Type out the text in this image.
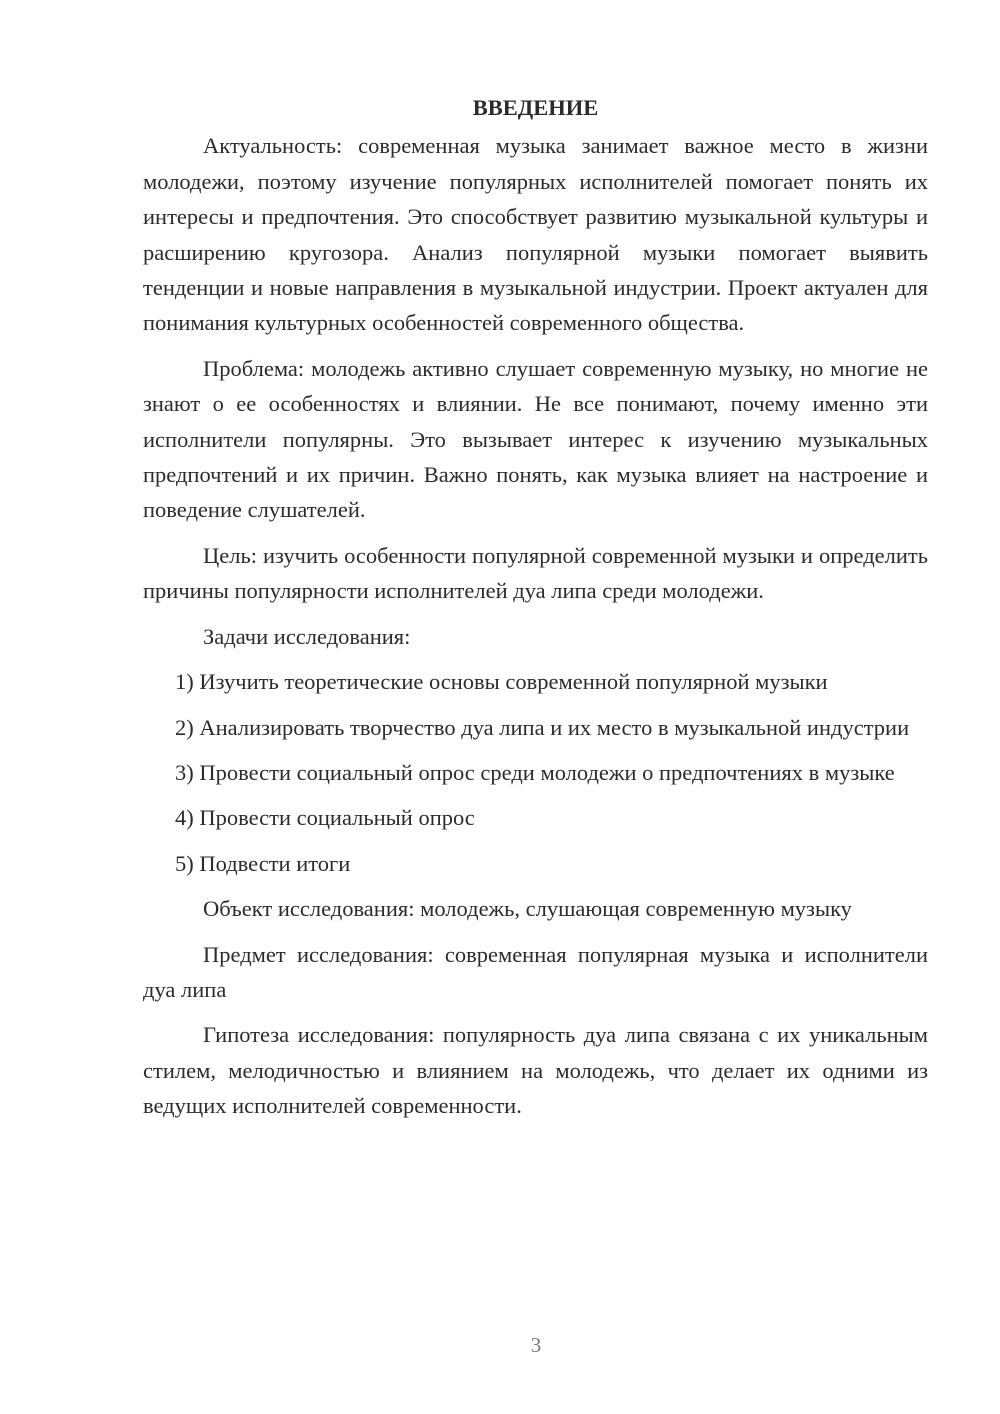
ВВЕДЕНИЕ

Актуальность: современная музыка занимает важное место в жизни молодежи, поэтому изучение популярных исполнителей помогает понять их интересы и предпочтения. Это способствует развитию музыкальной культуры и расширению кругозора. Анализ популярной музыки помогает выявить тенденции и новые направления в музыкальной индустрии. Проект актуален для понимания культурных особенностей современного общества.

Проблема: молодежь активно слушает современную музыку, но многие не знают о ее особенностях и влиянии. Не все понимают, почему именно эти исполнители популярны. Это вызывает интерес к изучению музыкальных предпочтений и их причин. Важно понять, как музыка влияет на настроение и поведение слушателей.

Цель: изучить особенности популярной современной музыки и определить причины популярности исполнителей дуа липа среди молодежи.

Задачи исследования:

1) Изучить теоретические основы современной популярной музыки

2) Анализировать творчество дуа липа и их место в музыкальной индустрии

3) Провести социальный опрос среди молодежи о предпочтениях в музыке

4) Провести социальный опрос

5) Подвести итоги

Объект исследования: молодежь, слушающая современную музыку

Предмет исследования: современная популярная музыка и исполнители дуа липа

Гипотеза исследования: популярность дуа липа связана с их уникальным стилем, мелодичностью и влиянием на молодежь, что делает их одними из ведущих исполнителей современности.

3
